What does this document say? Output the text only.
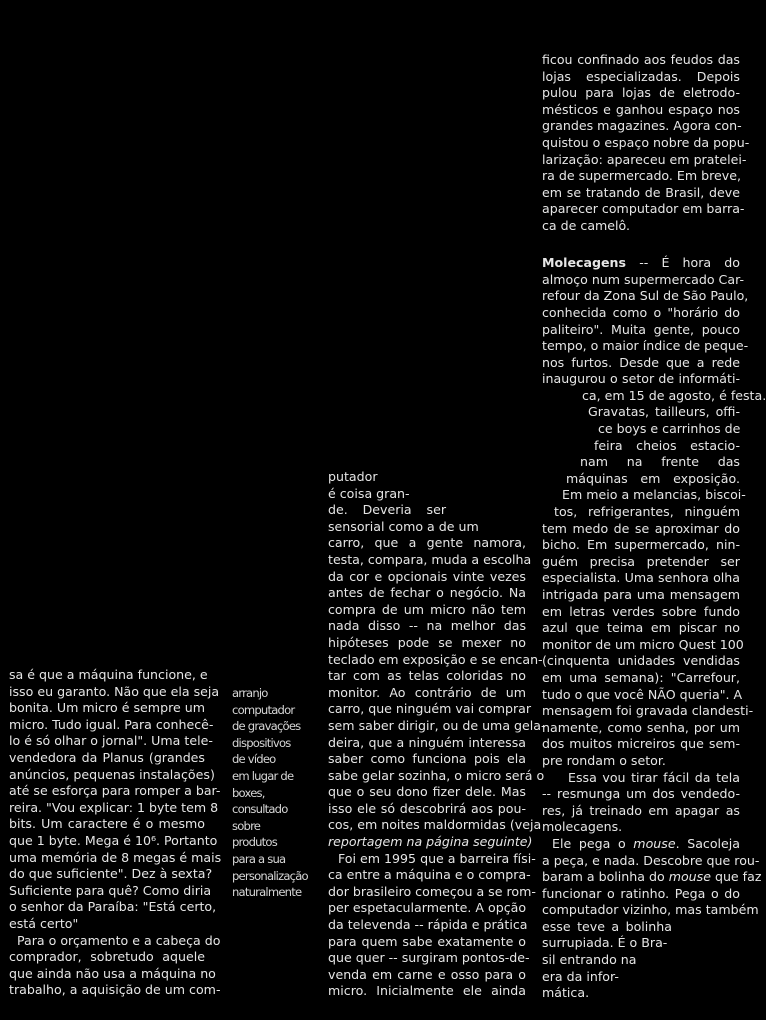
sa é que a máquina funcione, e
isso eu garanto. Não que ela seja
bonita. Um micro é sempre um
micro. Tudo igual. Para conhecê-
lo é só olhar o jornal". Uma tele-
vendedora da Planus (grandes
anúncios, pequenas instalações)
até se esforça para romper a bar-
reira. "Vou explicar: 1 byte tem 8
bits. Um caractere é o mesmo
que 1 byte. Mega é 10⁶. Portanto
uma memória de 8 megas é mais
do que suficiente". Dez à sexta?
Suficiente para quê? Como diria
o senhor da Paraíba: "Está certo,
está certo"
Para o orçamento e a cabeça do
comprador, sobretudo aquele
que ainda não usa a máquina no
trabalho, a aquisição de um com-
arranjo
computador
de gravações
dispositivos
de vídeo
em lugar de
boxes,
consultado
sobre
produtos
para a sua
personalização
naturalmente
putador
é coisa gran-
de. Deveria ser
sensorial como a de um
carro, que a gente namora,
testa, compara, muda a escolha
da cor e opcionais vinte vezes
antes de fechar o negócio. Na
compra de um micro não tem
nada disso -- na melhor das
hipóteses pode se mexer no
teclado em exposição e se encan-
tar com as telas coloridas no
monitor. Ao contrário de um
carro, que ninguém vai comprar
sem saber dirigir, ou de uma gela-
deira, que a ninguém interessa
saber como funciona pois ela
sabe gelar sozinha, o micro será o
que o seu dono fizer dele. Mas
isso ele só descobrirá aos pou-
cos, em noites maldormidas (veja
reportagem na página seguinte)
Foi em 1995 que a barreira físi-
ca entre a máquina e o compra-
dor brasileiro começou a se rom-
per espetacularmente. A opção
da televenda -- rápida e prática
para quem sabe exatamente o
que quer -- surgiram pontos-de-
venda em carne e osso para o
micro. Inicialmente ele ainda
ficou confinado aos feudos das
lojas especializadas. Depois
pulou para lojas de eletrodo-
mésticos e ganhou espaço nos
grandes magazines. Agora con-
quistou o espaço nobre da popu-
larização: apareceu em pratelei-
ra de supermercado. Em breve,
em se tratando de Brasil, deve
aparecer computador em barra-
ca de camelô.
Molecagens -- É hora do
almoço num supermercado Car-
refour da Zona Sul de São Paulo,
conhecida como o "horário do
paliteiro". Muita gente, pouco
tempo, o maior índice de peque-
nos furtos. Desde que a rede
inaugurou o setor de informáti-
ca, em 15 de agosto, é festa.
Gravatas, tailleurs, offi-
ce boys e carrinhos de
feira cheios estacio-
nam na frente das
máquinas em exposição.
Em meio a melancias, biscoi-
tos, refrigerantes, ninguém
tem medo de se aproximar do
bicho. Em supermercado, nin-
guém precisa pretender ser
especialista. Uma senhora olha
intrigada para uma mensagem
em letras verdes sobre fundo
azul que teima em piscar no
monitor de um micro Quest 100
(cinquenta unidades vendidas
em uma semana): "Carrefour,
tudo o que você NÃO queria". A
mensagem foi gravada clandesti-
namente, como senha, por um
dos muitos micreiros que sem-
pre rondam o setor.
Essa vou tirar fácil da tela
-- resmunga um dos vendedo-
res, já treinado em apagar as
molecagens.
Ele pega o mouse. Sacoleja
a peça, e nada. Descobre que rou-
baram a bolinha do mouse que faz
funcionar o ratinho. Pega o do
computador vizinho, mas também
esse teve a bolinha
surrupiada. É o Bra-
sil entrando na
era da infor-
mática.
